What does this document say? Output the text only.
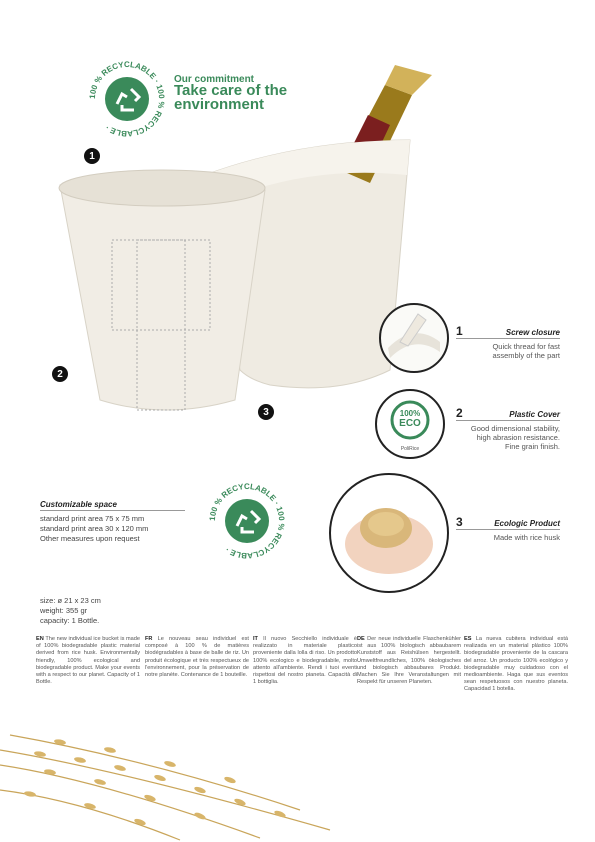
100 % RECYCLABLE · 100 % RECYCLABLE ·
Our commitment
Take care of the environment
1
2
3	100%
ECO
PoliRice
1	Screw closure
Quick thread for fast assembly of the part
2	Plastic Cover
Good dimensional stability, high abrasion resistance. Fine grain finish.
3	Ecologic Product
Made with rice husk
100 % RECYCLABLE · 100 % RECYCLABLE ·
Customizable space
standard print area 75 x 75 mm
standard print area 30 x 120 mm
Other measures upon request
size: ø 21 x 23 cm
weight: 355 gr
capacity: 1 Bottle.
EN The new individual ice bucket is made of 100% biodegradable plastic material derived from rice husk. Environmentally friendly, 100% ecological and biodegradable product. Make your events with a respect to our planet. Capacity of 1 Bottle.
FR Le nouveau seau individuel est composé à 100 % de matières biodégradables à base de balle de riz. Un produit écologique et très respectueux de l'environnement, pour la préservation de notre planète. Contenance de 1 bouteille.
IT Il nuovo Secchiello individuale è realizzato in materiale plastico proveniente dalla lolla di riso. Un prodotto 100% ecologico e biodegradabile, molto attento all'ambiente. Rendi i tuoi eventi rispettosi del nostro pianeta. Capacità di 1 bottiglia.
DE Der neue individuelle Flaschenkühler ist aus 100% biologisch abbaubarem Kunststoff aus Reishülsen hergestellt. Umweltfreundliches, 100% ökologisches und biologisch abbaubares Produkt. Machen Sie Ihre Veranstaltungen mit Respekt für unseren Planeten.
ES La nueva cubitera individual está realizada en un material plástico 100% biodegradable proveniente de la cascara del arroz. Un producto 100% ecológico y biodegradable muy cuidadoso con el medioambiente. Haga que sus eventos sean respetuosos con nuestro planeta. Capacidad 1 botella.
